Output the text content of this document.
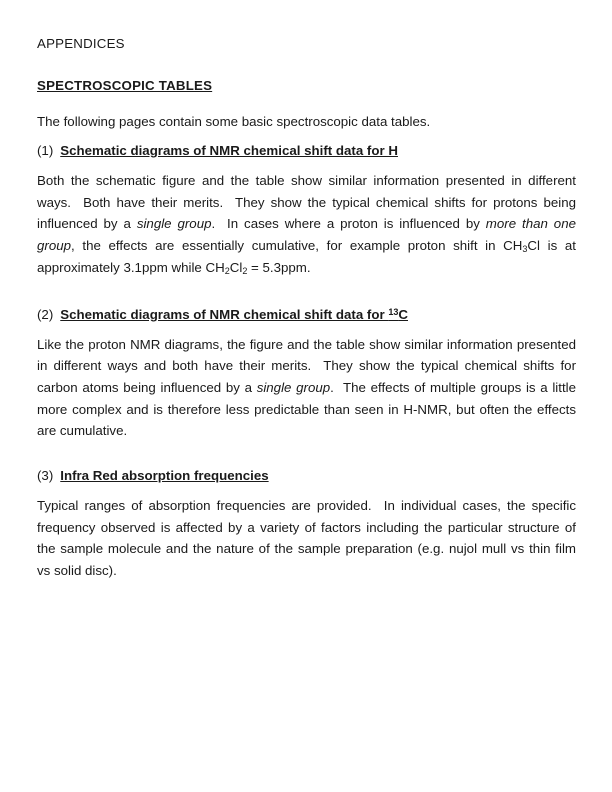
APPENDICES
SPECTROSCOPIC TABLES
The following pages contain some basic spectroscopic data tables.
(1) Schematic diagrams of NMR chemical shift data for H
Both the schematic figure and the table show similar information presented in different ways.  Both have their merits.  They show the typical chemical shifts for protons being influenced by a single group.  In cases where a proton is influenced by more than one group, the effects are essentially cumulative, for example proton shift in $CH_3Cl$ is at approximately 3.1ppm while $CH_2Cl_2 = 5.3ppm$.
(2) Schematic diagrams of NMR chemical shift data for $^{13}$C
Like the proton NMR diagrams, the figure and the table show similar information presented in different ways and both have their merits.  They show the typical chemical shifts for carbon atoms being influenced by a single group.  The effects of multiple groups is a little more complex and is therefore less predictable than seen in H-NMR, but often the effects are cumulative.
(3) Infra Red absorption frequencies
Typical ranges of absorption frequencies are provided.  In individual cases, the specific frequency observed is affected by a variety of factors including the particular structure of the sample molecule and the nature of the sample preparation (e.g. nujol mull vs thin film vs solid disc).
